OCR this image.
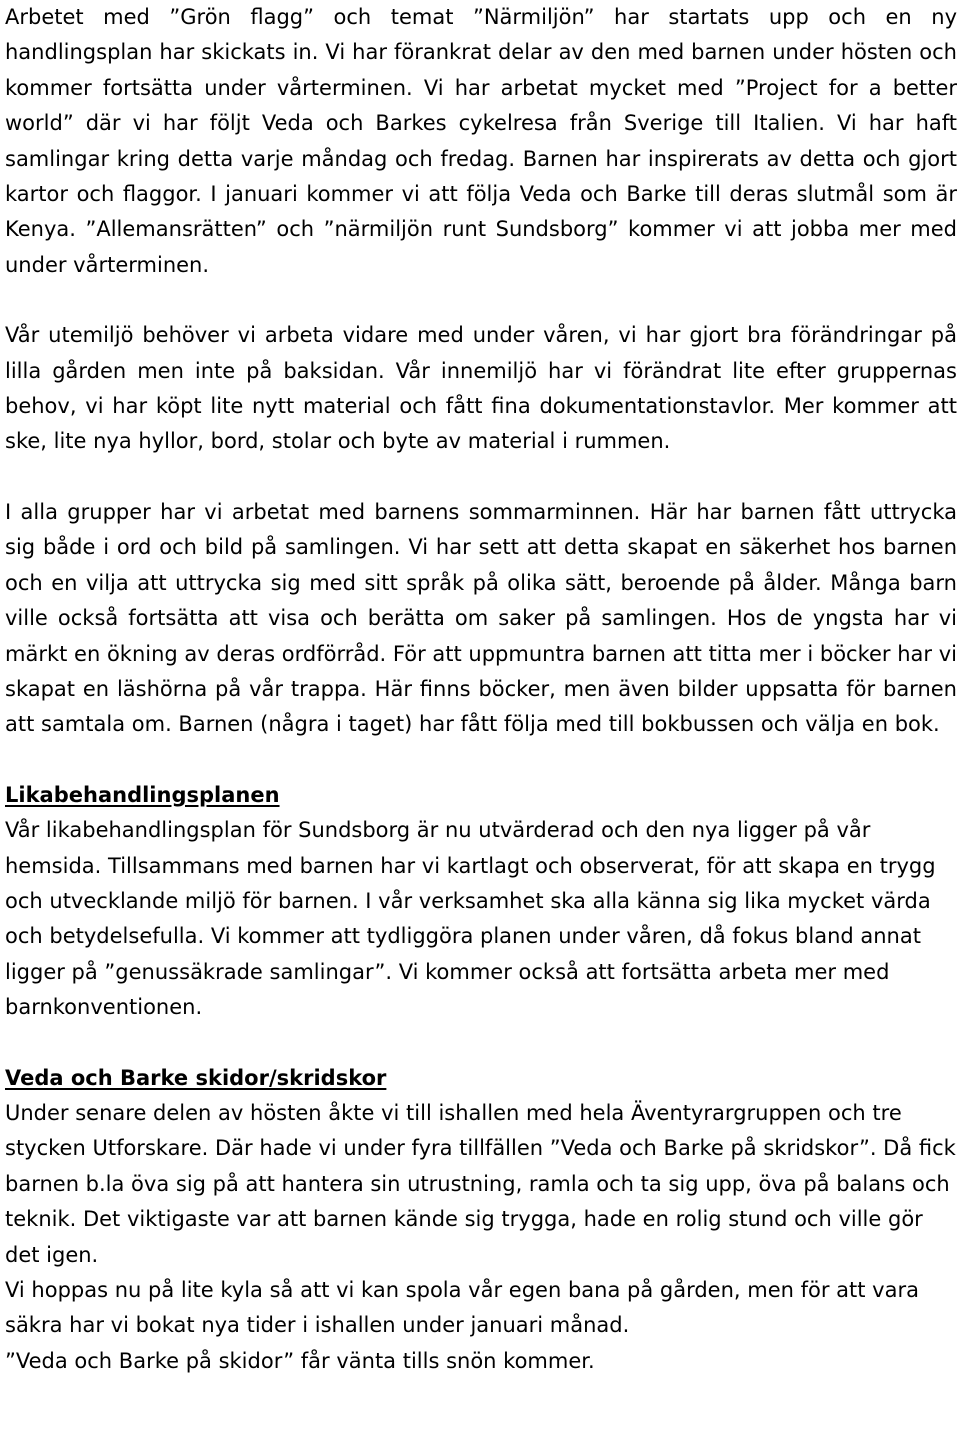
Arbetet med ”Grön flagg” och temat ”Närmiljön” har startats upp och en ny handlingsplan har skickats in. Vi har förankrat delar av den med barnen under hösten och kommer fortsätta under vårterminen. Vi har arbetat mycket med ”Project for a better world” där vi har följt Veda och Barkes cykelresa från Sverige till Italien. Vi har haft samlingar kring detta varje måndag och fredag. Barnen har inspirerats av detta och gjort kartor och flaggor. I januari kommer vi att följa Veda och Barke till deras slutmål som är Kenya. ”Allemansrätten” och ”närmiljön runt Sundsborg” kommer vi att jobba mer med under vårterminen.

Vår utemiljö behöver vi arbeta vidare med under våren, vi har gjort bra förändringar på lilla gården men inte på baksidan. Vår innemiljö har vi förändrat lite efter gruppernas behov, vi har köpt lite nytt material och fått fina dokumentationstavlor. Mer kommer att ske, lite nya hyllor, bord, stolar och byte av material i rummen.

I alla grupper har vi arbetat med barnens sommarminnen. Här har barnen fått uttrycka sig både i ord och bild på samlingen. Vi har sett att detta skapat en säkerhet hos barnen och en vilja att uttrycka sig med sitt språk på olika sätt, beroende på ålder. Många barn ville också fortsätta att visa och berätta om saker på samlingen. Hos de yngsta har vi märkt en ökning av deras ordförråd. För att uppmuntra barnen att titta mer i böcker har vi skapat en läshörna på vår trappa. Här finns böcker, men även bilder uppsatta för barnen att samtala om. Barnen (några i taget) har fått följa med till bokbussen och välja en bok.

Likabehandlingsplanen

Vår likabehandlingsplan för Sundsborg är nu utvärderad och den nya ligger på vår hemsida. Tillsammans med barnen har vi kartlagt och observerat, för att skapa en trygg och utvecklande miljö för barnen. I vår verksamhet ska alla känna sig lika mycket värda och betydelsefulla. Vi kommer att tydliggöra planen under våren, då fokus bland annat ligger på ”genussäkrade samlingar”. Vi kommer också att fortsätta arbeta mer med barnkonventionen.

Veda och Barke skidor/skridskor

Under senare delen av hösten åkte vi till ishallen med hela Äventyrargruppen och tre stycken Utforskare. Där hade vi under fyra tillfällen ”Veda och Barke på skridskor”. Då fick barnen b.la öva sig på att hantera sin utrustning, ramla och ta sig upp, öva på balans och teknik. Det viktigaste var att barnen kände sig trygga, hade en rolig stund och ville gör det igen.

Vi hoppas nu på lite kyla så att vi kan spola vår egen bana på gården, men för att vara säkra har vi bokat nya tider i ishallen under januari månad.

”Veda och Barke på skidor” får vänta tills snön kommer.
